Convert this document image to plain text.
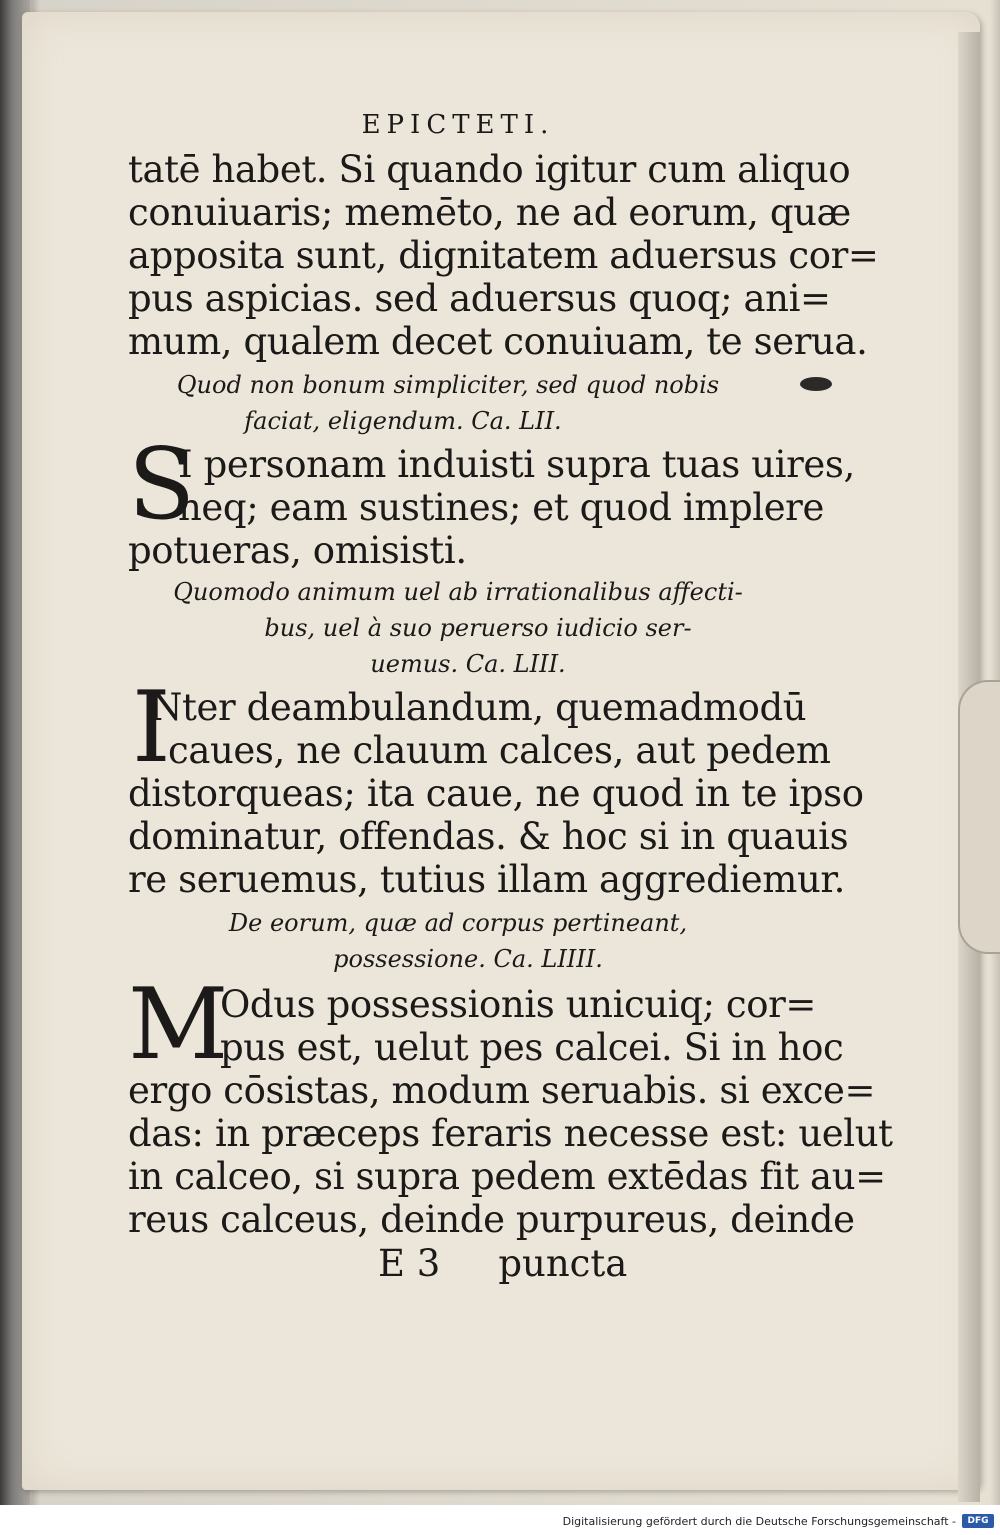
EPICTETI.

tatē habet. Si quando igitur cum aliquo

conuiuaris; memēto, ne ad eorum, quæ

apposita sunt, dignitatem aduersus cor=

pus aspicias. sed aduersus quoq; ani=

mum, qualem decet conuiuam, te serua.

Quod non bonum simpliciter, sed quod nobis

faciat, eligendum. Ca. LII.

S

I personam induisti supra tuas uires,

neq; eam sustines; et quod implere

potueras, omisisti.

Quomodo animum uel ab irrationalibus affecti-

bus, uel à suo peruerso iudicio ser-

uemus. Ca. LIII.

I

Nter deambulandum, quemadmodū

caues, ne clauum calces, aut pedem

distorqueas; ita caue, ne quod in te ipso

dominatur, offendas. & hoc si in quauis

re seruemus, tutius illam aggrediemur.

De eorum, quæ ad corpus pertineant,

possessione. Ca. LIIII.

M

Odus possessionis unicuiq; cor=

pus est, uelut pes calcei. Si in hoc

ergo cōsistas, modum seruabis. si exce=

das: in præceps feraris necesse est: uelut

in calceo, si supra pedem extēdas fit au=

reus calceus, deinde purpureus, deinde

E 3 puncta
Digitalisierung gefördert durch die Deutsche Forschungsgemeinschaft -	DFG
